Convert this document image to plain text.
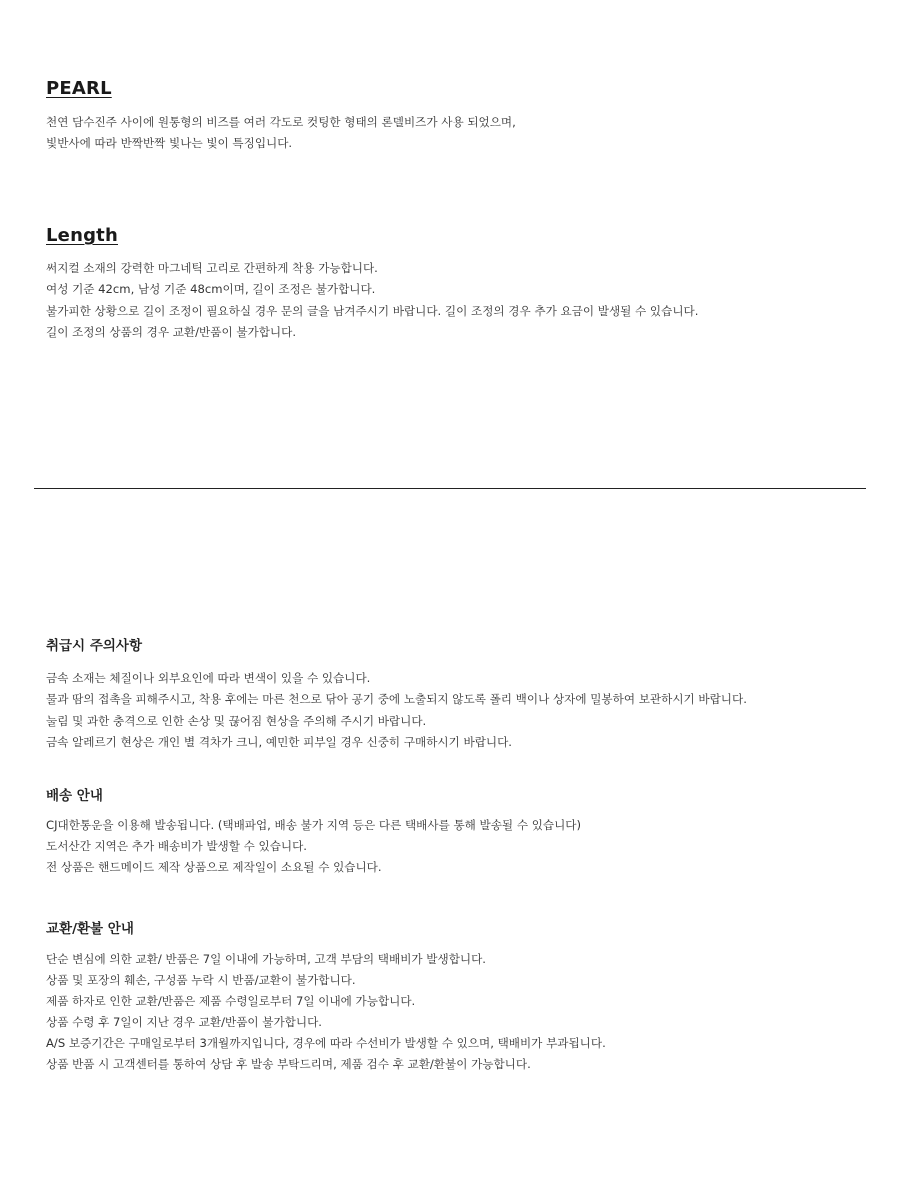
PEARL
천연 담수진주 사이에 원통형의 비즈를 여러 각도로 컷팅한 형태의 론델비즈가 사용 되었으며,
빛반사에 따라 반짝반짝 빛나는 빛이 특징입니다.
Length
써지컬 소재의 강력한 마그네틱 고리로 간편하게 착용 가능합니다.
여성 기준 42cm, 남성 기준 48cm이며, 길이 조정은 불가합니다.
불가피한 상황으로 길이 조정이 필요하실 경우 문의 글을 남겨주시기 바랍니다. 길이 조정의 경우 추가 요금이 발생될 수 있습니다.
길이 조정의 상품의 경우 교환/반품이 불가합니다.
취급시 주의사항
금속 소재는 체질이나 외부요인에 따라 변색이 있을 수 있습니다.
물과 땀의 접촉을 피해주시고, 착용 후에는 마른 천으로 닦아 공기 중에 노출되지 않도록 폴리 백이나 상자에 밀봉하여 보관하시기 바랍니다.
눌림 및 과한 충격으로 인한 손상 및 끊어짐 현상을 주의해 주시기 바랍니다.
금속 알레르기 현상은 개인 별 격차가 크니, 예민한 피부일 경우 신중히 구매하시기 바랍니다.
배송 안내
CJ대한통운을 이용해 발송됩니다. (택배파업, 배송 불가 지역 등은 다른 택배사를 통해 발송될 수 있습니다)
도서산간 지역은 추가 배송비가 발생할 수 있습니다.
전 상품은 핸드메이드 제작 상품으로 제작일이 소요될 수 있습니다.
교환/환불 안내
단순 변심에 의한 교환/ 반품은 7일 이내에 가능하며, 고객 부담의 택배비가 발생합니다.
상품 및 포장의 훼손, 구성품 누락 시 반품/교환이 불가합니다.
제품 하자로 인한 교환/반품은 제품 수령일로부터 7일 이내에 가능합니다.
상품 수령 후 7일이 지난 경우 교환/반품이 불가합니다.
A/S 보증기간은 구매일로부터 3개월까지입니다, 경우에 따라 수선비가 발생할 수 있으며, 택배비가 부과됩니다.
상품 반품 시 고객센터를 통하여 상담 후 발송 부탁드리며, 제품 검수 후 교환/환불이 가능합니다.
